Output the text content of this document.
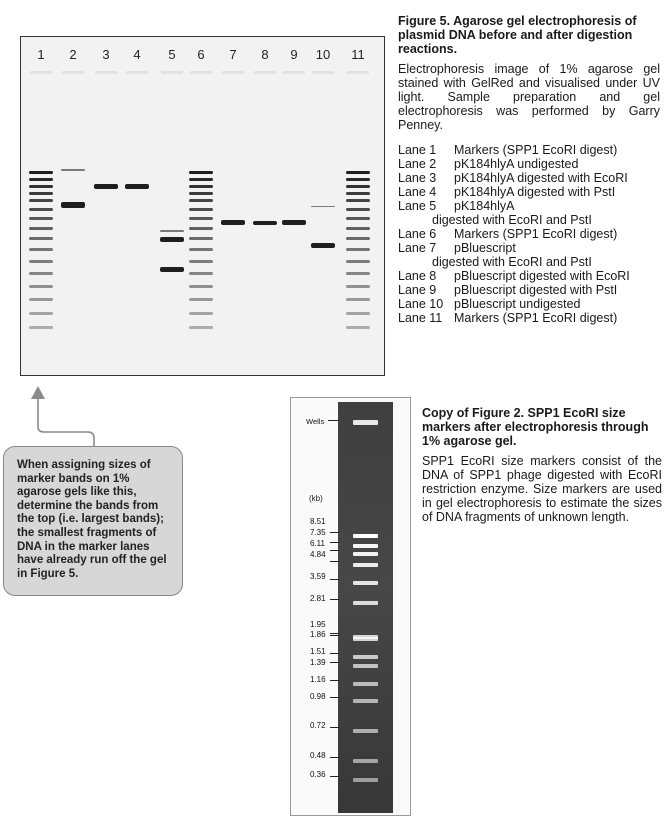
1	2	3	4	5	6	7	8	9	10	11

Figure 5. Agarose gel electrophoresis of plasmid DNA before and after digestion reactions.

Electrophoresis image of 1% agarose gel stained with GelRed and visualised under UV light. Sample preparation and gel electrophoresis was performed by Garry Penney.

Lane 1	Markers (SPP1 EcoRI digest)
Lane 2	pK184hlyA undigested
Lane 3	pK184hlyA digested with EcoRI
Lane 4	pK184hlyA digested with PstI
Lane 5	pK184hlyA
digested with EcoRI and PstI
Lane 6	Markers (SPP1 EcoRI digest)
Lane 7	pBluescript
digested with EcoRI and PstI
Lane 8	pBluescript digested with EcoRI
Lane 9	pBluescript digested with PstI
Lane 10 pBluescript undigested
Lane 11 Markers (SPP1 EcoRI digest)
When assigning sizes of marker bands on 1% agarose gels like this, determine the bands from the top (i.e. largest bands); the smallest fragments of DNA in the marker lanes have already run off the gel in Figure 5.
Wells
(kb)
8.51
7.35
6.11
4.84
3.59
2.81
1.95
1.86
1.51
1.39
1.16
0.98
0.72
0.48
0.36

Copy of Figure 2. SPP1 EcoRI size markers after electrophoresis through 1% agarose gel.

SPP1 EcoRI size markers consist of the DNA of SPP1 phage digested with EcoRI restriction enzyme. Size markers are used in gel electrophoresis to estimate the sizes of DNA fragments of unknown length.
